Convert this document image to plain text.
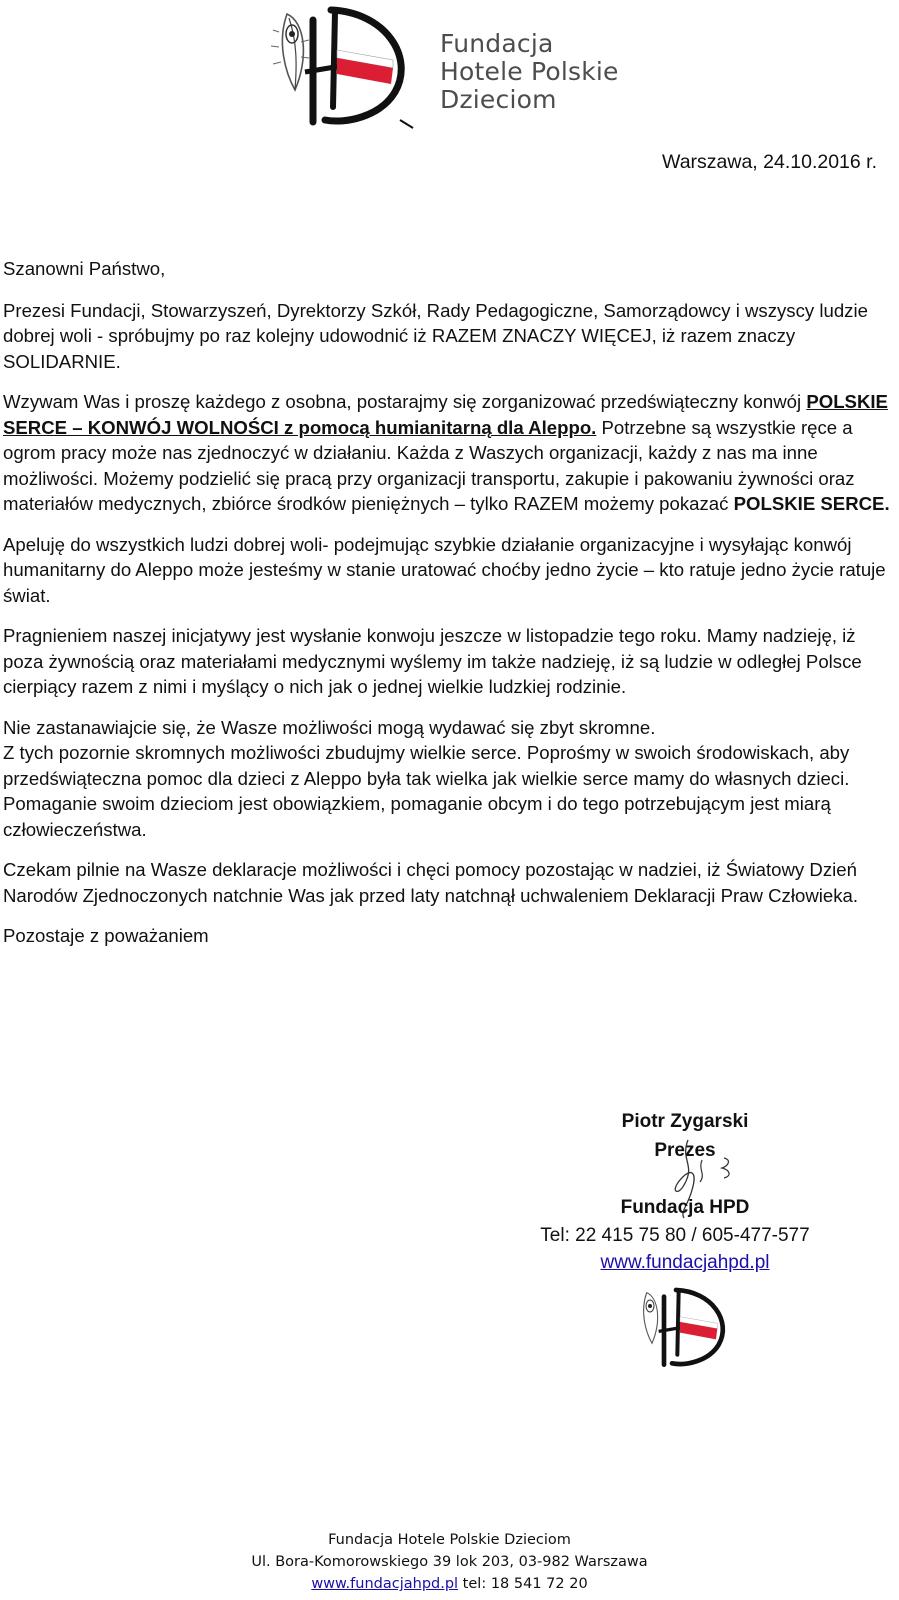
Fundacja
Hotele Polskie
Dzieciom
Warszawa, 24.10.2016 r.

Szanowni Państwo,

Prezesi Fundacji, Stowarzyszeń, Dyrektorzy Szkół, Rady Pedagogiczne, Samorządowcy i wszyscy ludzie dobrej woli - spróbujmy po raz kolejny udowodnić iż RAZEM ZNACZY WIĘCEJ, iż razem znaczy SOLIDARNIE.

Wzywam Was i proszę każdego z osobna, postarajmy się zorganizować przedświąteczny konwój POLSKIE SERCE – KONWÓJ WOLNOŚCI z pomocą humianitarną dla Aleppo. Potrzebne są wszystkie ręce a ogrom pracy może nas zjednoczyć w działaniu. Każda z Waszych organizacji, każdy z nas ma inne możliwości. Możemy podzielić się pracą przy organizacji transportu, zakupie i pakowaniu żywności oraz materiałów medycznych, zbiórce środków pieniężnych – tylko RAZEM możemy pokazać POLSKIE SERCE.

Apeluję do wszystkich ludzi dobrej woli- podejmując szybkie działanie organizacyjne i wysyłając konwój humanitarny do Aleppo może jesteśmy w stanie uratować choćby jedno życie – kto ratuje jedno życie ratuje świat.

Pragnieniem naszej inicjatywy jest wysłanie konwoju jeszcze w listopadzie tego roku. Mamy nadzieję, iż poza żywnością oraz materiałami medycznymi wyślemy im także nadzieję, iż są ludzie w odległej Polsce cierpiący razem z nimi i myślący o nich jak o jednej wielkie ludzkiej rodzinie.

Nie zastanawiajcie się, że Wasze możliwości mogą wydawać się zbyt skromne.
Z tych pozornie skromnych możliwości zbudujmy wielkie serce. Poprośmy w swoich środowiskach, aby przedświąteczna pomoc dla dzieci z Aleppo była tak wielka jak wielkie serce mamy do własnych dzieci. Pomaganie swoim dzieciom jest obowiązkiem, pomaganie obcym i do tego potrzebującym jest miarą człowieczeństwa.

Czekam pilnie na Wasze deklaracje możliwości i chęci pomocy pozostając w nadziei, iż Światowy Dzień Narodów Zjednoczonych natchnie Was jak przed laty natchnął uchwaleniem Deklaracji Praw Człowieka.

Pozostaje z poważaniem

Piotr Zygarski
Prezes
Fundacja HPD
Tel: 22 415 75 80 / 605-477-577
www.fundacjahpd.pl
Fundacja Hotele Polskie Dzieciom
Ul. Bora-Komorowskiego 39 lok 203, 03-982 Warszawa
www.fundacjahpd.pl tel: 18 541 72 20
